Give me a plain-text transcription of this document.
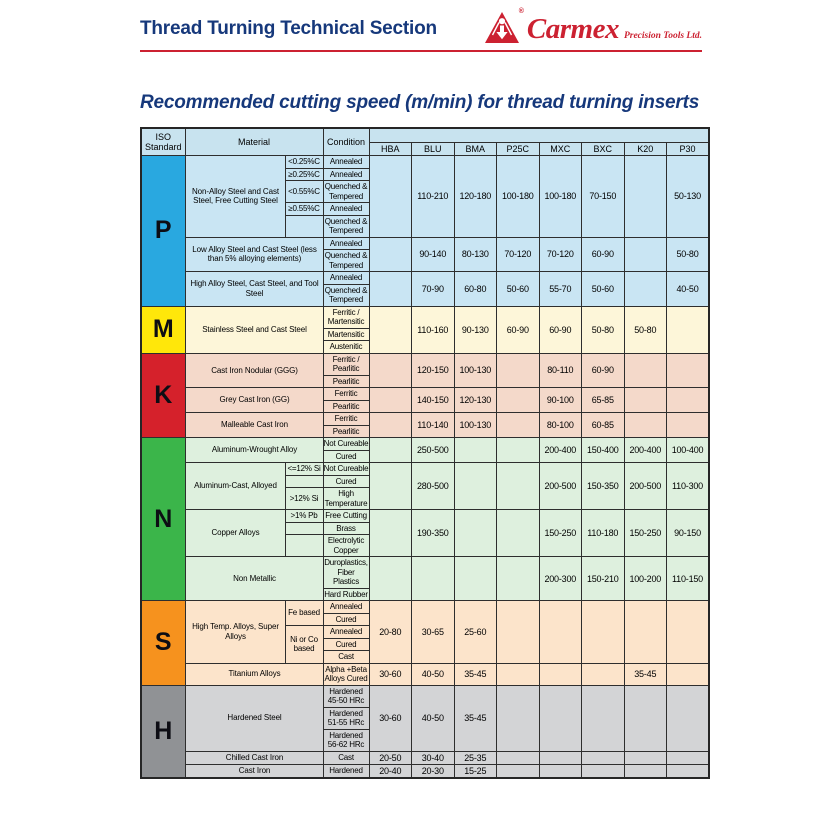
Thread Turning Technical Section
®
Carmex Precision Tools Ltd.
Recommended cutting speed (m/min) for thread turning inserts
ISO Standard	Material		Condition								
				HBA	BLU	BMA	P25C	MXC	BXC	K20	P30
P	Non-Alloy Steel and Cast Steel, Free Cutting Steel	<0.25%C	Annealed		110-210	120-180	100-180	100-180	70-150		50-130
		≥0.25%C	Annealed								
		<0.55%C	Quenched & Tempered								
		≥0.55%C	Annealed								
			Quenched & Tempered								
	Low Alloy Steel and Cast Steel (less than 5% alloying elements)		Annealed		90-140	80-130	70-120	70-120	60-90		50-80
			Quenched & Tempered								
	High Alloy Steel, Cast Steel, and Tool Steel		Annealed		70-90	60-80	50-60	55-70	50-60		40-50
			Quenched & Tempered								
M	Stainless Steel and Cast Steel		Ferritic / Martensitic		110-160	90-130	60-90	60-90	50-80	50-80	
			Martensitic								
			Austenitic								
K	Cast Iron Nodular (GGG)		Ferritic / Pearlitic		120-150	100-130		80-110	60-90		
			Pearlitic								
	Grey Cast Iron (GG)		Ferritic		140-150	120-130		90-100	65-85		
			Pearlitic								
	Malleable Cast Iron		Ferritic		110-140	100-130		80-100	60-85		
			Pearlitic								
N	Aluminum-Wrought Alloy		Not Cureable		250-500			200-400	150-400	200-400	100-400
			Cured								
	Aluminum-Cast, Alloyed	<=12% Si	Not Cureable		280-500			200-500	150-350	200-500	110-300
			Cured								
		>12% Si	High Temperature								
	Copper Alloys	>1% Pb	Free Cutting		190-350			150-250	110-180	150-250	90-150
			Brass								
			Electrolytic Copper								
	Non Metallic		Duroplastics, Fiber Plastics					200-300	150-210	100-200	110-150
			Hard Rubber								
S	High Temp. Alloys, Super Alloys	Fe based	Annealed	20-80	30-65	25-60					
			Cured								
		Ni or Co based	Annealed								
			Cured								
			Cast								
	Titanium Alloys		Alpha +Beta Alloys Cured	30-60	40-50	35-45				35-45	
H	Hardened Steel		Hardened 45-50 HRc	30-60	40-50	35-45					
			Hardened 51-55 HRc								
			Hardened 56-62 HRc								
	Chilled Cast Iron		Cast	20-50	30-40	25-35					
	Cast Iron		Hardened	20-40	20-30	15-25					
